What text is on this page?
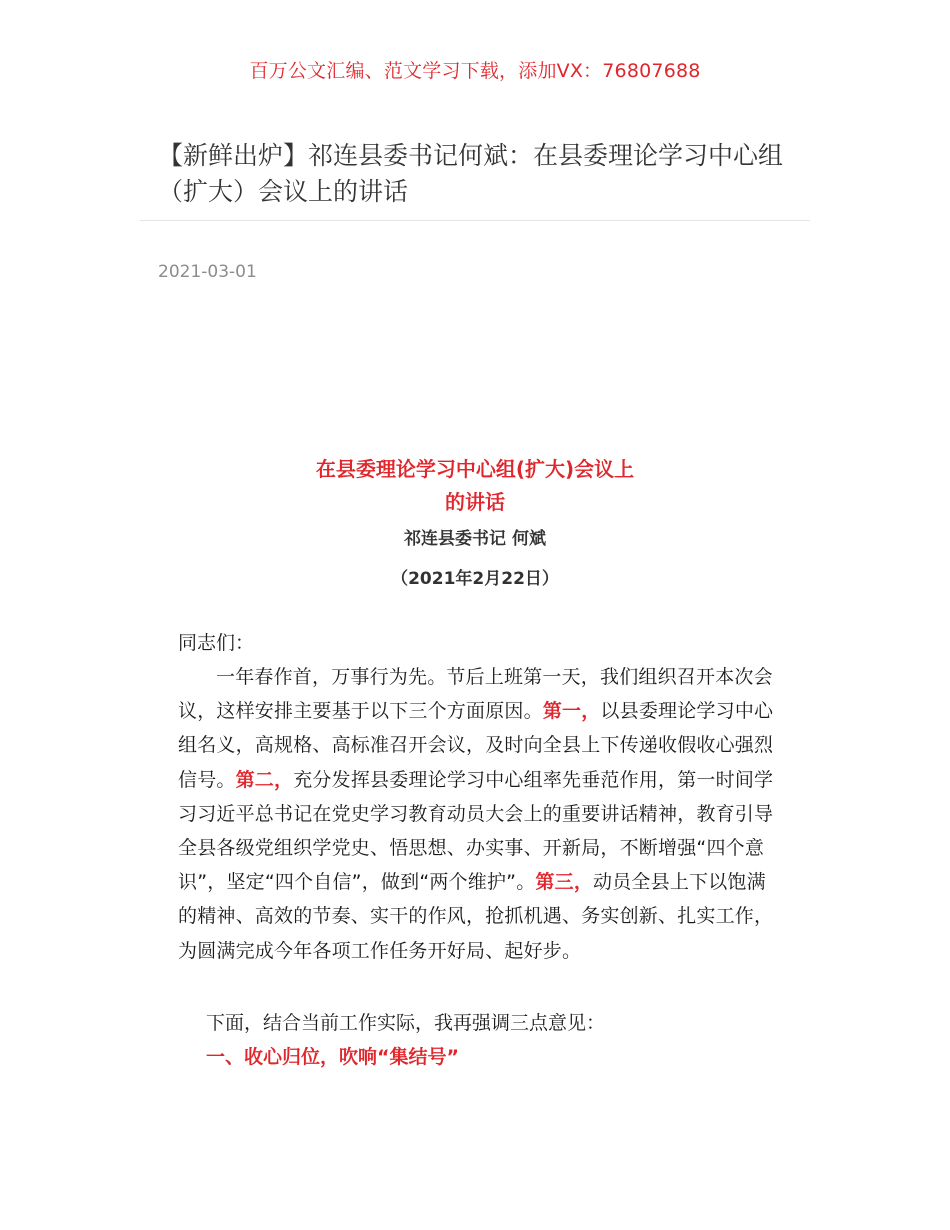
百万公文汇编、范文学习下载，添加VX：76807688
【新鲜出炉】祁连县委书记何斌：在县委理论学习中心组（扩大）会议上的讲话
2021-03-01
在县委理论学习中心组(扩大)会议上
的讲话
祁连县委书记 何斌
（2021年2月22日）
同志们：
一年春作首，万事行为先。节后上班第一天，我们组织召开本次会议，这样安排主要基于以下三个方面原因。第一，以县委理论学习中心组名义，高规格、高标准召开会议，及时向全县上下传递收假收心强烈信号。第二，充分发挥县委理论学习中心组率先垂范作用，第一时间学习习近平总书记在党史学习教育动员大会上的重要讲话精神，教育引导全县各级党组织学党史、悟思想、办实事、开新局，不断增强“四个意识”，坚定“四个自信”，做到“两个维护”。第三，动员全县上下以饱满的精神、高效的节奏、实干的作风，抢抓机遇、务实创新、扎实工作，为圆满完成今年各项工作任务开好局、起好步。
下面，结合当前工作实际，我再强调三点意见：
一、收心归位，吹响“集结号”
